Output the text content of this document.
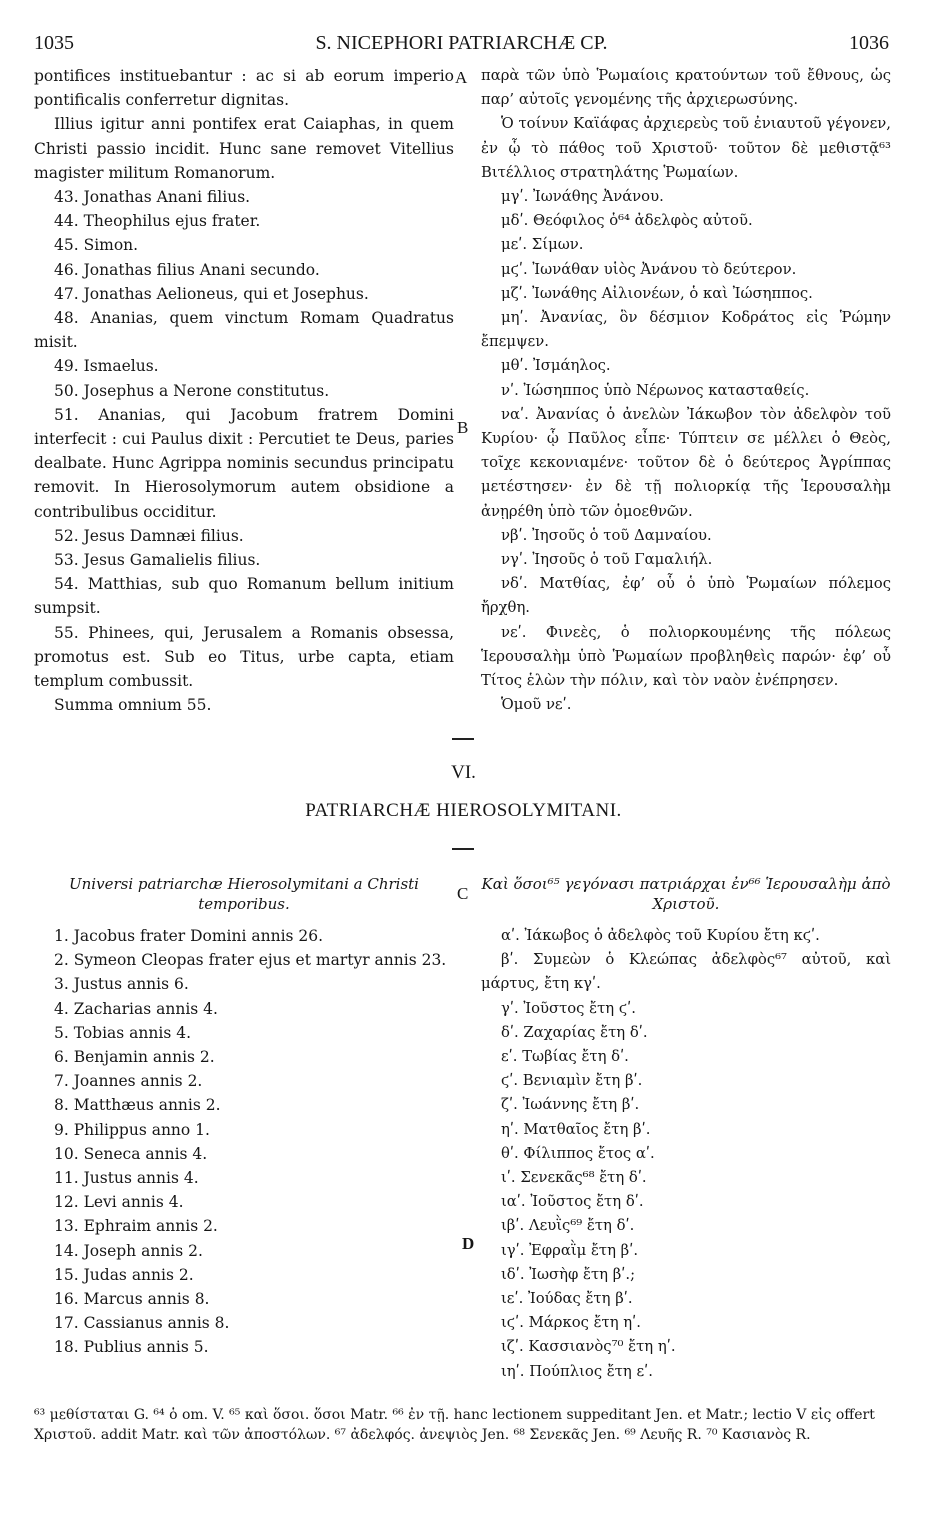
1035	S. NICEPHORI PATRIARCHÆ CP.	1036

pontifices instituebantur : ac si ab eorum imperio pontificalis conferretur dignitas.

Illius igitur anni pontifex erat Caiaphas, in quem Christi passio incidit. Hunc sane removet Vitellius magister militum Romanorum.

43. Jonathas Anani filius.

44. Theophilus ejus frater.

45. Simon.

46. Jonathas filius Anani secundo.

47. Jonathas Aelioneus, qui et Josephus.

48. Ananias, quem vinctum Romam Quadratus misit.

49. Ismaelus.

50. Josephus a Nerone constitutus.

51. Ananias, qui Jacobum fratrem Domini interfecit : cui Paulus dixit : Percutiet te Deus, paries dealbate. Hunc Agrippa nominis secundus principatu removit. In Hierosolymorum autem obsidione a contribulibus occiditur.

52. Jesus Damnæi filius.

53. Jesus Gamalielis filius.

54. Matthias, sub quo Romanum bellum initium sumpsit.

55. Phinees, qui, Jerusalem a Romanis obsessa, promotus est. Sub eo Titus, urbe capta, etiam templum combussit.

Summa omnium 55.

παρὰ τῶν ὑπὸ Ῥωμαίοις κρατούντων τοῦ ἔθνους, ὡς παρ’ αὐτοῖς γενομένης τῆς ἀρχιερωσύνης.

Ὁ τοίνυν Καϊάφας ἀρχιερεὺς τοῦ ἐνιαυτοῦ γέγονεν, ἐν ᾧ τὸ πάθος τοῦ Χριστοῦ· τοῦτον δὲ μεθιστᾷ⁶³ Βιτέλλιος στρατηλάτης Ῥωμαίων.

μγʹ. Ἰωνάθης Ἀνάνου.

μδʹ. Θεόφιλος ὁ⁶⁴ ἀδελφὸς αὐτοῦ.

μεʹ. Σίμων.

μϛʹ. Ἰωνάθαν υἱὸς Ἀνάνου τὸ δεύτερον.

μζʹ. Ἰωνάθης Αἰλιονέων, ὁ καὶ Ἰώσηππος.

μηʹ. Ἀνανίας, ὃν δέσμιον Κοδράτος εἰς Ῥώμην ἔπεμψεν.

μθʹ. Ἰσμάηλος.

νʹ. Ἰώσηππος ὑπὸ Νέρωνος κατασταθείς.

ναʹ. Ἀνανίας ὁ ἀνελὼν Ἰάκωβον τὸν ἀδελφὸν τοῦ Κυρίου· ᾧ Παῦλος εἶπε· Τύπτειν σε μέλλει ὁ Θεὸς, τοῖχε κεκονιαμένε· τοῦτον δὲ ὁ δεύτερος Ἀγρίππας μετέστησεν· ἐν δὲ τῇ πολιορκίᾳ τῆς Ἱερουσαλὴμ ἀνῃρέθη ὑπὸ τῶν ὁμοεθνῶν.

νβʹ. Ἰησοῦς ὁ τοῦ Δαμναίου.

νγʹ. Ἰησοῦς ὁ τοῦ Γαμαλιήλ.

νδʹ. Ματθίας, ἐφ’ οὗ ὁ ὑπὸ Ῥωμαίων πόλεμος ἤρχθη.

νεʹ. Φινεὲς, ὁ πολιορκουμένης τῆς πόλεως Ἱερουσαλὴμ ὑπὸ Ῥωμαίων προβληθεὶς παρών· ἐφ’ οὗ Τίτος ἑλὼν τὴν πόλιν, καὶ τὸν ναὸν ἐνέπρησεν.

Ὁμοῦ νεʹ.

A
B
C
D
VI.
PATRIARCHÆ HIEROSOLYMITANI.
Universi patriarchæ Hierosolymitani a Christi temporibus.

1. Jacobus frater Domini annis 26.

2. Symeon Cleopas frater ejus et martyr annis 23.

3. Justus annis 6.

4. Zacharias annis 4.

5. Tobias annis 4.

6. Benjamin annis 2.

7. Joannes annis 2.

8. Matthæus annis 2.

9. Philippus anno 1.

10. Seneca annis 4.

11. Justus annis 4.

12. Levi annis 4.

13. Ephraim annis 2.

14. Joseph annis 2.

15. Judas annis 2.

16. Marcus annis 8.

17. Cassianus annis 8.

18. Publius annis 5.

Καὶ ὅσοι⁶⁵ γεγόνασι πατριάρχαι ἐν⁶⁶ Ἱερουσαλὴμ ἀπὸ Χριστοῦ.

αʹ. Ἰάκωβος ὁ ἀδελφὸς τοῦ Κυρίου ἔτη κϛʹ.

βʹ. Συμεὼν ὁ Κλεώπας ἀδελφὸς⁶⁷ αὐτοῦ, καὶ μάρτυς, ἔτη κγʹ.

γʹ. Ἰοῦστος ἔτη ϛʹ.

δʹ. Ζαχαρίας ἔτη δʹ.

εʹ. Τωβίας ἔτη δʹ.

ϛʹ. Βενιαμὶν ἔτη βʹ.

ζʹ. Ἰωάννης ἔτη βʹ.

ηʹ. Ματθαῖος ἔτη βʹ.

θʹ. Φίλιππος ἔτος αʹ.

ιʹ. Σενεκᾶς⁶⁸ ἔτη δʹ.

ιαʹ. Ἰοῦστος ἔτη δʹ.

ιβʹ. Λευῒς⁶⁹ ἔτη δʹ.

ιγʹ. Ἐφραῒμ ἔτη βʹ.

ιδʹ. Ἰωσὴφ ἔτη βʹ.;

ιεʹ. Ἰούδας ἔτη βʹ.

ιϛʹ. Μάρκος ἔτη ηʹ.

ιζʹ. Κασσιανὸς⁷⁰ ἔτη ηʹ.

ιηʹ. Πούπλιος ἔτη εʹ.

⁶³ μεθίσταται G. ⁶⁴ ὁ om. V. ⁶⁵ καὶ ὅσοι. ὅσοι Matr. ⁶⁶ ἐν τῇ. hanc lectionem suppeditant Jen. et Matr.; lectio V εἰς offert Χριστοῦ. addit Matr. καὶ τῶν ἀποστόλων. ⁶⁷ ἀδελφός. ἀνεψιὸς Jen. ⁶⁸ Σενεκᾶς Jen. ⁶⁹ Λευῆς R. ⁷⁰ Κασιανὸς R.
